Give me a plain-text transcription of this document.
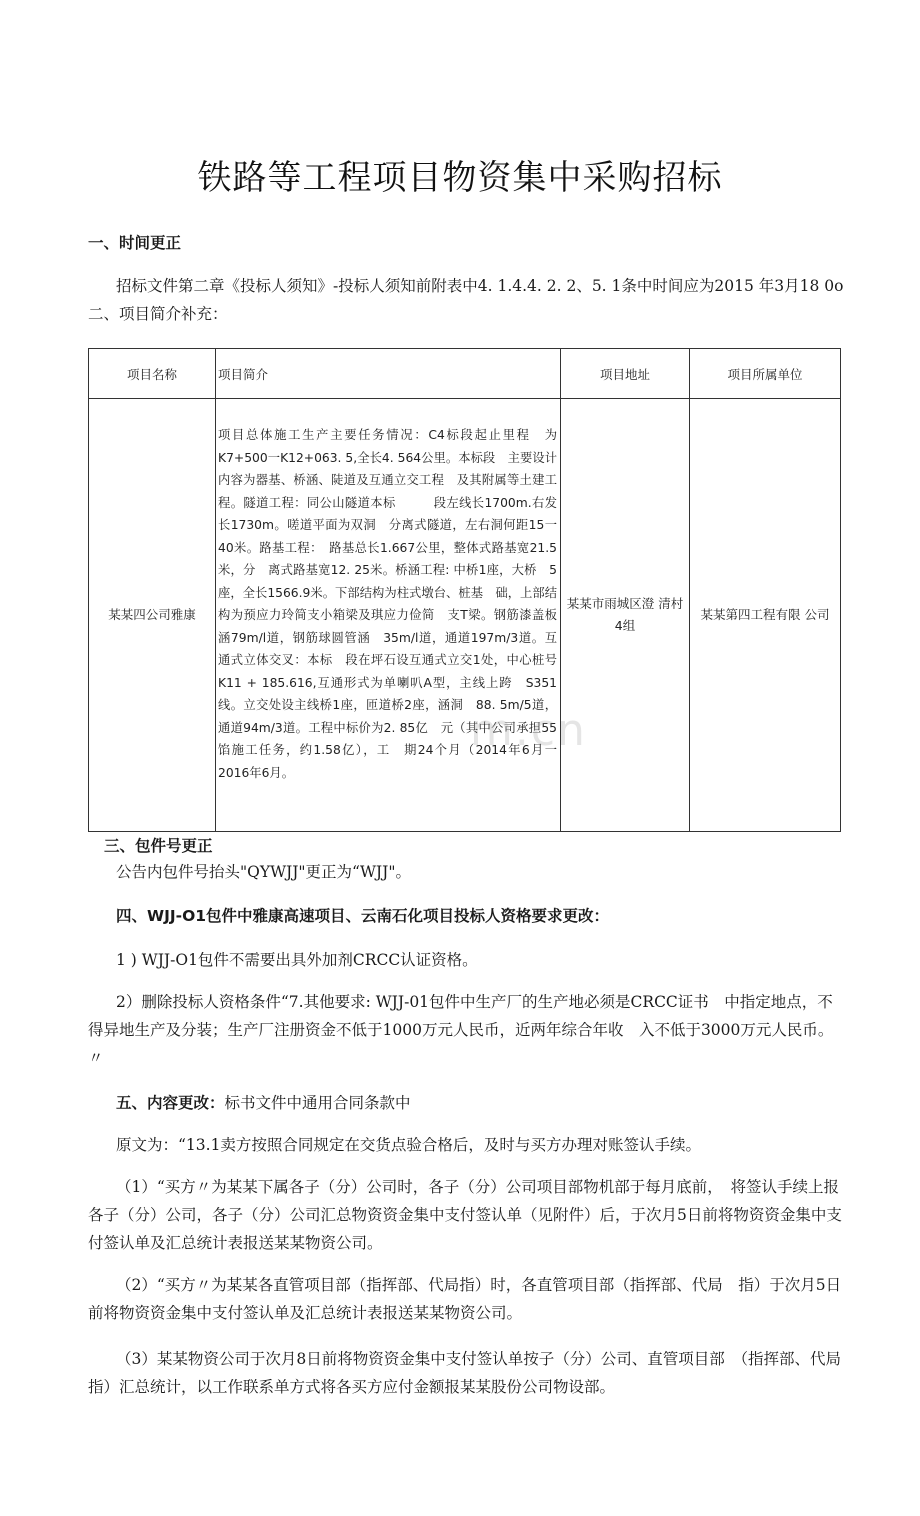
铁路等工程项目物资集中采购招标

一、时间更正

招标文件第二章《投标人须知》-投标人须知前附表中4. 1.4.4. 2. 2、5. 1条中时间应为2015 年3月18 0o二、项目简介补充：

项目名称	项目简介	项目地址	项目所属单位
某某四公司雅康	项目总体施工生产主要任务情况：C4标段起止里程　为K7+500一K12+063. 5,全长4. 564公里。本标段　主要设计内容为器基、桥涵、陡道及互通立交工程　及其附属等土建工程。隧道工程：同公山隧道本标　　　段左线长1700m.右发长1730m。嗟道平面为双洞　分离式隧道，左右洞何距15一40米。路基工程：　路基总长1.667公里，整体式路基宽21.5米，分　离式路基宽12. 25米。桥涵工程: 中桥1座，大桥　5座，全长1566.9米。下部结构为柱式墩台、桩基　础，上部结构为预应力玲简支小箱梁及琪应力俭简　支T梁。钢筋漆盖板涵79m/l道，钢筋球圆管涵　35m/l道，通道197m/3道。互通式立体交叉：本标　段在坪石设互通式立交1处，中心桩号K11 + 185.616,互通形式为单喇叭A型，主线上跨　S351线。立交处设主线桥1座，匝道桥2座，涵洞　88. 5m/5道，通道94m/3道。工程中标价为2. 85亿　元（其中公司承担55馅施工任务，约1.58亿），工　期24个月（2014年6月一2016年6月。	某某市雨城区澄 清村4组	某某第四工程有限 公司
m.cn

三、包件号更正

公告内包件号抬头"QYWJJ"更正为“WJJ"。

四、WJJ-O1包件中雅康高速项目、云南石化项目投标人资格要求更改：

1 ) WJJ-O1包件不需要出具外加剂CRCC认证资格。

2）删除投标人资格条件“7.其他要求: WJJ-01包件中生产厂的生产地必须是CRCC证书　中指定地点，不得异地生产及分装；生产厂注册资金不低于1000万元人民币，近两年综合年收　入不低于3000万元人民币。〃

五、内容更改：标书文件中通用合同条款中

原文为：“13.1卖方按照合同规定在交货点验合格后，及时与买方办理对账签认手续。

（1）“买方〃为某某下属各子（分）公司时，各子（分）公司项目部物机部于每月底前，　将签认手续上报各子（分）公司，各子（分）公司汇总物资资金集中支付签认单（见附件）后，于次月5日前将物资资金集中支付签认单及汇总统计表报送某某物资公司。

（2）“买方〃为某某各直管项目部（指挥部、代局指）时，各直管项目部（指挥部、代局　指）于次月5日前将物资资金集中支付签认单及汇总统计表报送某某物资公司。

（3）某某物资公司于次月8日前将物资资金集中支付签认单按子（分）公司、直管项目部　（指挥部、代局指）汇总统计，以工作联系单方式将各买方应付金额报某某股份公司物设部。
